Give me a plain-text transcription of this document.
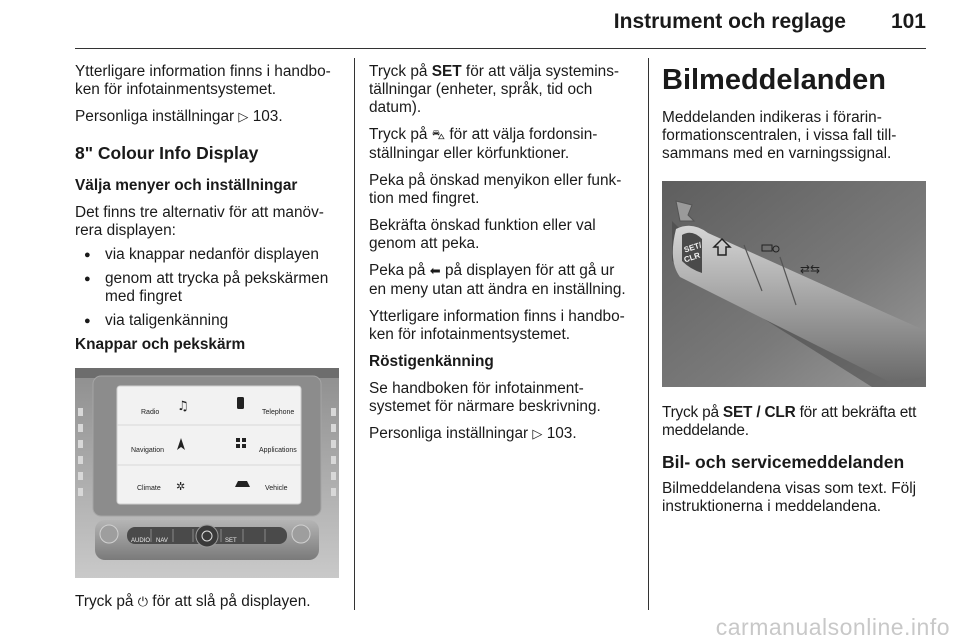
Instrument och reglage	101

Ytterligare information finns i handbo-ken för infotainmentsystemet.

Personliga inställningar ▷ 103.

8" Colour Info Display

Välja menyer och inställningar

Det finns tre alternativ för att manöv-rera displayen:

● via knappar nedanför displayen
● genom att trycka på pekskärmen med fingret
● via taligenkänning

Knappar och pekskärm

♫
✲
Radio	Telephone
Navigation	Applications
Climate	Vehicle
AUDIO NAV	SET

Tryck på ⏻ för att slå på displayen.

Tryck på SET för att välja systemins-tällningar (enheter, språk, tid och datum).

Tryck på ⛍ för att välja fordonsin-ställningar eller körfunktioner.

Peka på önskad menyikon eller funk-tion med fingret.

Bekräfta önskad funktion eller val genom att peka.

Peka på ⬅ på displayen för att gå ur en meny utan att ändra en inställning.

Ytterligare information finns i handbo-ken för infotainmentsystemet.

Röstigenkänning

Se handboken för infotainment-systemet för närmare beskrivning.

Personliga inställningar ▷ 103.

Bilmeddelanden

Meddelanden indikeras i förarin-formationscentralen, i vissa fall till-sammans med en varningssignal.

⇄⇆
SET/
CLR

Tryck på SET / CLR för att bekräfta ett meddelande.

Bil- och servicemeddelanden

Bilmeddelandena visas som text. Följ instruktionerna i meddelandena.

carmanualsonline.info
